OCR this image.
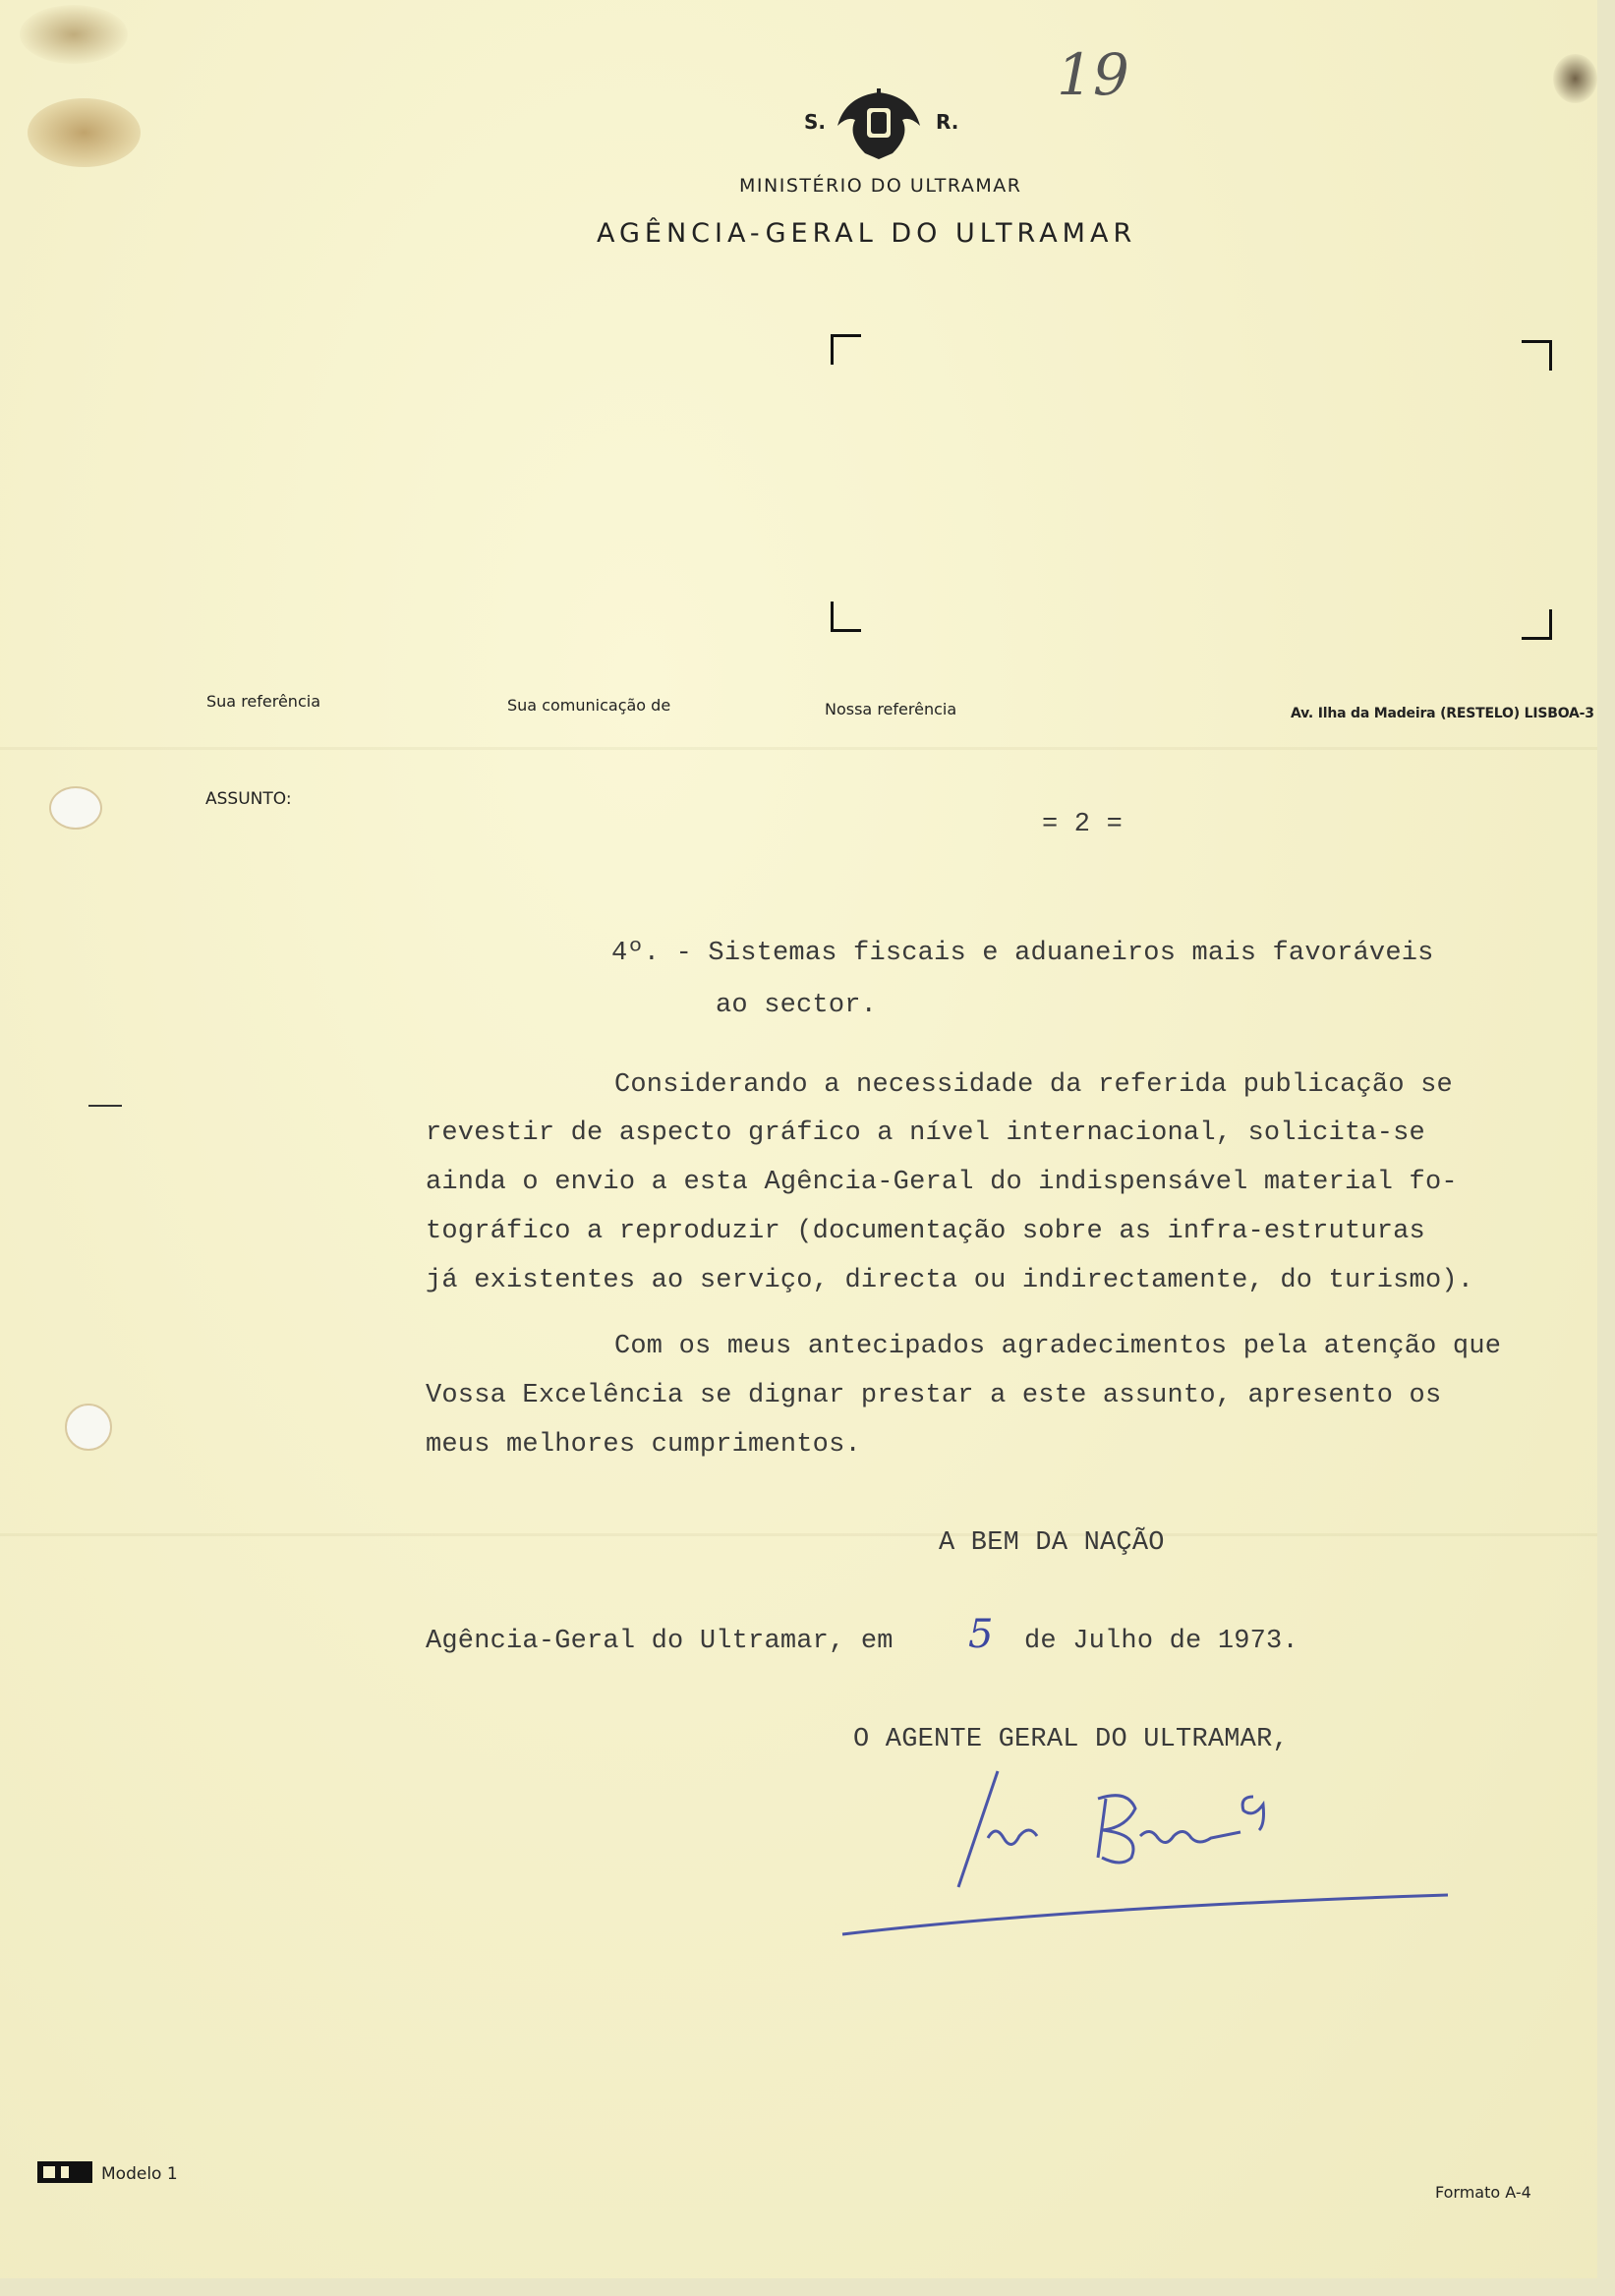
19
S.	R.
MINISTÉRIO DO ULTRAMAR
AGÊNCIA-GERAL DO ULTRAMAR
Sua referência	Sua comunicação de	Nossa referência	Av. Ilha da Madeira (RESTELO) LISBOA-3
ASSUNTO:
= 2 =
4º. - Sistemas fiscais e aduaneiros mais favoráveis
ao sector.
Considerando a necessidade da referida publicação se
revestir de aspecto gráfico a nível internacional, solicita-se
ainda o envio a esta Agência-Geral do indispensável material fo-
tográfico a reproduzir (documentação sobre as infra-estruturas
já existentes ao serviço, directa ou indirectamente, do turismo).
Com os meus antecipados agradecimentos pela atenção que
Vossa Excelência se dignar prestar a este assunto, apresento os
meus melhores cumprimentos.
A BEM DA NAÇÃO
Agência-Geral do Ultramar, em 5 de Julho de 1973.
O AGENTE GERAL DO ULTRAMAR,
Modelo 1
Formato A-4
